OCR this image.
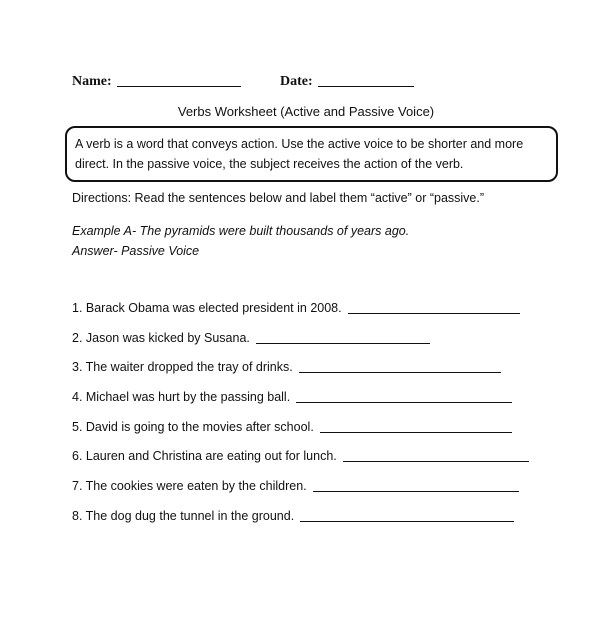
Name:	Date:
Verbs Worksheet (Active and Passive Voice)
A verb is a word that conveys action. Use the active voice to be shorter and more direct. In the passive voice, the subject receives the action of the verb.
Directions: Read the sentences below and label them “active” or “passive.”
Example A- The pyramids were built thousands of years ago.
Answer- Passive Voice
1. Barack Obama was elected president in 2008.
2. Jason was kicked by Susana.
3. The waiter dropped the tray of drinks.
4. Michael was hurt by the passing ball.
5. David is going to the movies after school.
6. Lauren and Christina are eating out for lunch.
7. The cookies were eaten by the children.
8. The dog dug the tunnel in the ground.
